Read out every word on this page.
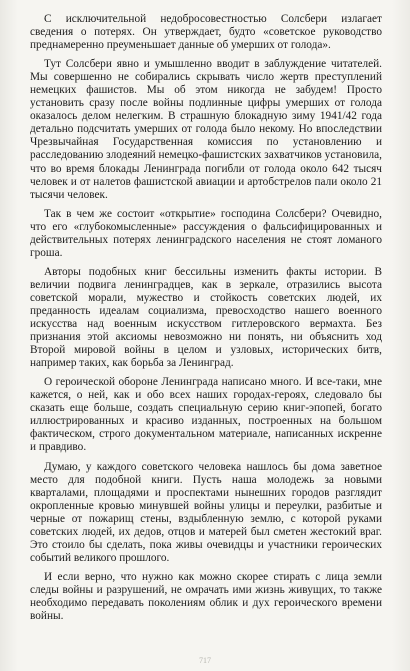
С исключительной недобросовестностью Солсбери излагает сведения о потерях. Он утверждает, будто «советское руководство преднамеренно преуменьшает данные об умерших от голода».

Тут Солсбери явно и умышленно вводит в заблуждение читателей. Мы совершенно не собирались скрывать число жертв преступлений немецких фашистов. Мы об этом никогда не забудем! Просто установить сразу после войны подлинные цифры умерших от голода оказалось делом нелегким. В страшную блокадную зиму 1941/42 года детально подсчитать умерших от голода было некому. Но впоследствии Чрезвычайная Государственная комиссия по установлению и расследованию злодеяний немецко-фашистских захватчиков установила, что во время блокады Ленинграда погибли от голода около 642 тысяч человек и от налетов фашистской авиации и артобстрелов пали около 21 тысячи человек.

Так в чем же состоит «открытие» господина Солсбери? Очевидно, что его «глубокомысленные» рассуждения о фальсифицированных и действительных потерях ленинградского населения не стоят ломаного гроша.

Авторы подобных книг бессильны изменить факты истории. В величии подвига ленинградцев, как в зеркале, отразились высота советской морали, мужество и стойкость советских людей, их преданность идеалам социализма, превосходство нашего военного искусства над военным искусством гитлеровского вермахта. Без признания этой аксиомы невозможно ни понять, ни объяснить ход Второй мировой войны в целом и узловых, исторических битв, например таких, как борьба за Ленинград.

О героической обороне Ленинграда написано много. И все-таки, мне кажется, о ней, как и обо всех наших городах-героях, следовало бы сказать еще больше, создать специальную серию книг-эпопей, богато иллюстрированных и красиво изданных, построенных на большом фактическом, строго документальном материале, написанных искренне и правдиво.

Думаю, у каждого советского человека нашлось бы дома заветное место для подобной книги. Пусть наша молодежь за новыми кварталами, площадями и проспектами нынешних городов разглядит окропленные кровью минувшей войны улицы и переулки, разбитые и черные от пожарищ стены, вздыбленную землю, с которой руками советских людей, их дедов, отцов и матерей был сметен жестокий враг. Это стоило бы сделать, пока живы очевидцы и участники героических событий великого прошлого.

И если верно, что нужно как можно скорее стирать с лица земли следы войны и разрушений, не омрачать ими жизнь живущих, то также необходимо передавать поколениям облик и дух героического времени войны.

717
